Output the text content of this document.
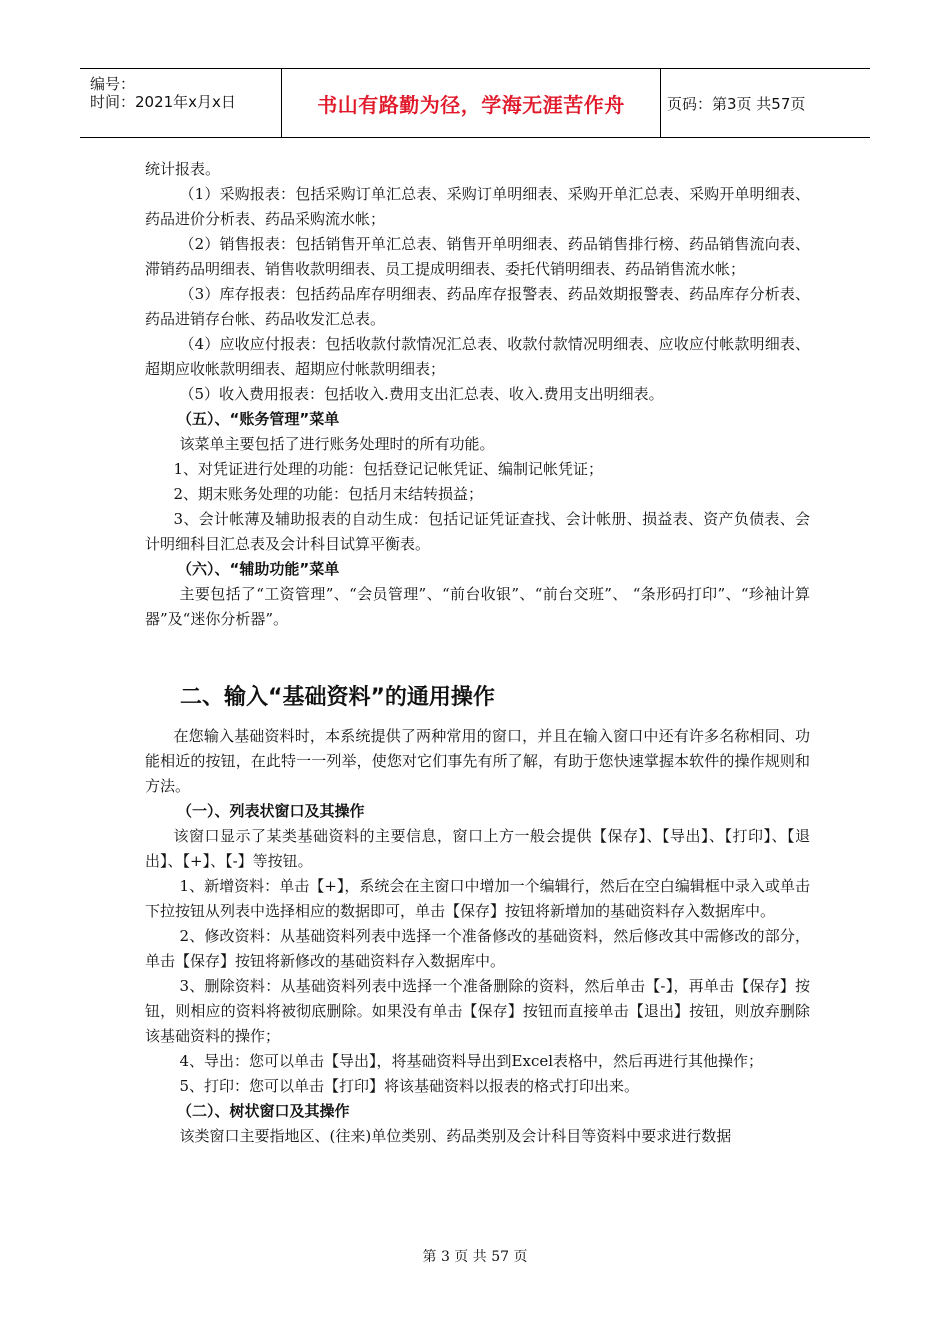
编号：
时间：2021年x月x日	书山有路勤为径，学海无涯苦作舟	页码：第3页 共57页

统计报表。

（1）采购报表：包括采购订单汇总表、采购订单明细表、采购开单汇总表、采购开单明细表、药品进价分析表、药品采购流水帐；

（2）销售报表：包括销售开单汇总表、销售开单明细表、药品销售排行榜、药品销售流向表、滞销药品明细表、销售收款明细表、员工提成明细表、委托代销明细表、药品销售流水帐；

（3）库存报表：包括药品库存明细表、药品库存报警表、药品效期报警表、药品库存分析表、药品进销存台帐、药品收发汇总表。

（4）应收应付报表：包括收款付款情况汇总表、收款付款情况明细表、应收应付帐款明细表、超期应收帐款明细表、超期应付帐款明细表；

（5）收入费用报表：包括收入.费用支出汇总表、收入.费用支出明细表。

（五）、“账务管理”菜单

该菜单主要包括了进行账务处理时的所有功能。

1、对凭证进行处理的功能：包括登记记帐凭证、编制记帐凭证；

2、期末账务处理的功能：包括月末结转损益；

3、会计帐薄及辅助报表的自动生成：包括记证凭证查找、会计帐册、损益表、资产负债表、会计明细科目汇总表及会计科目试算平衡表。

（六）、“辅助功能”菜单

主要包括了“工资管理”、“会员管理”、“前台收银”、“前台交班”、 “条形码打印”、“珍袖计算器”及“迷你分析器”。

二、输入“基础资料”的通用操作

在您输入基础资料时，本系统提供了两种常用的窗口，并且在输入窗口中还有许多名称相同、功能相近的按钮，在此特一一列举，使您对它们事先有所了解，有助于您快速掌握本软件的操作规则和方法。

（一）、列表状窗口及其操作

该窗口显示了某类基础资料的主要信息，窗口上方一般会提供【保存】、【导出】、【打印】、【退出】、【+】、【-】等按钮。

1、新增资料：单击【+】，系统会在主窗口中增加一个编辑行，然后在空白编辑框中录入或单击下拉按钮从列表中选择相应的数据即可，单击【保存】按钮将新增加的基础资料存入数据库中。

2、修改资料：从基础资料列表中选择一个准备修改的基础资料，然后修改其中需修改的部分，单击【保存】按钮将新修改的基础资料存入数据库中。

3、删除资料：从基础资料列表中选择一个准备删除的资料，然后单击【-】，再单击【保存】按钮，则相应的资料将被彻底删除。如果没有单击【保存】按钮而直接单击【退出】按钮，则放弃删除该基础资料的操作；

4、导出：您可以单击【导出】，将基础资料导出到Excel表格中，然后再进行其他操作；

5、打印：您可以单击【打印】将该基础资料以报表的格式打印出来。

（二）、树状窗口及其操作

该类窗口主要指地区、(往来)单位类别、药品类别及会计科目等资料中要求进行数据

第 3 页 共 57 页
